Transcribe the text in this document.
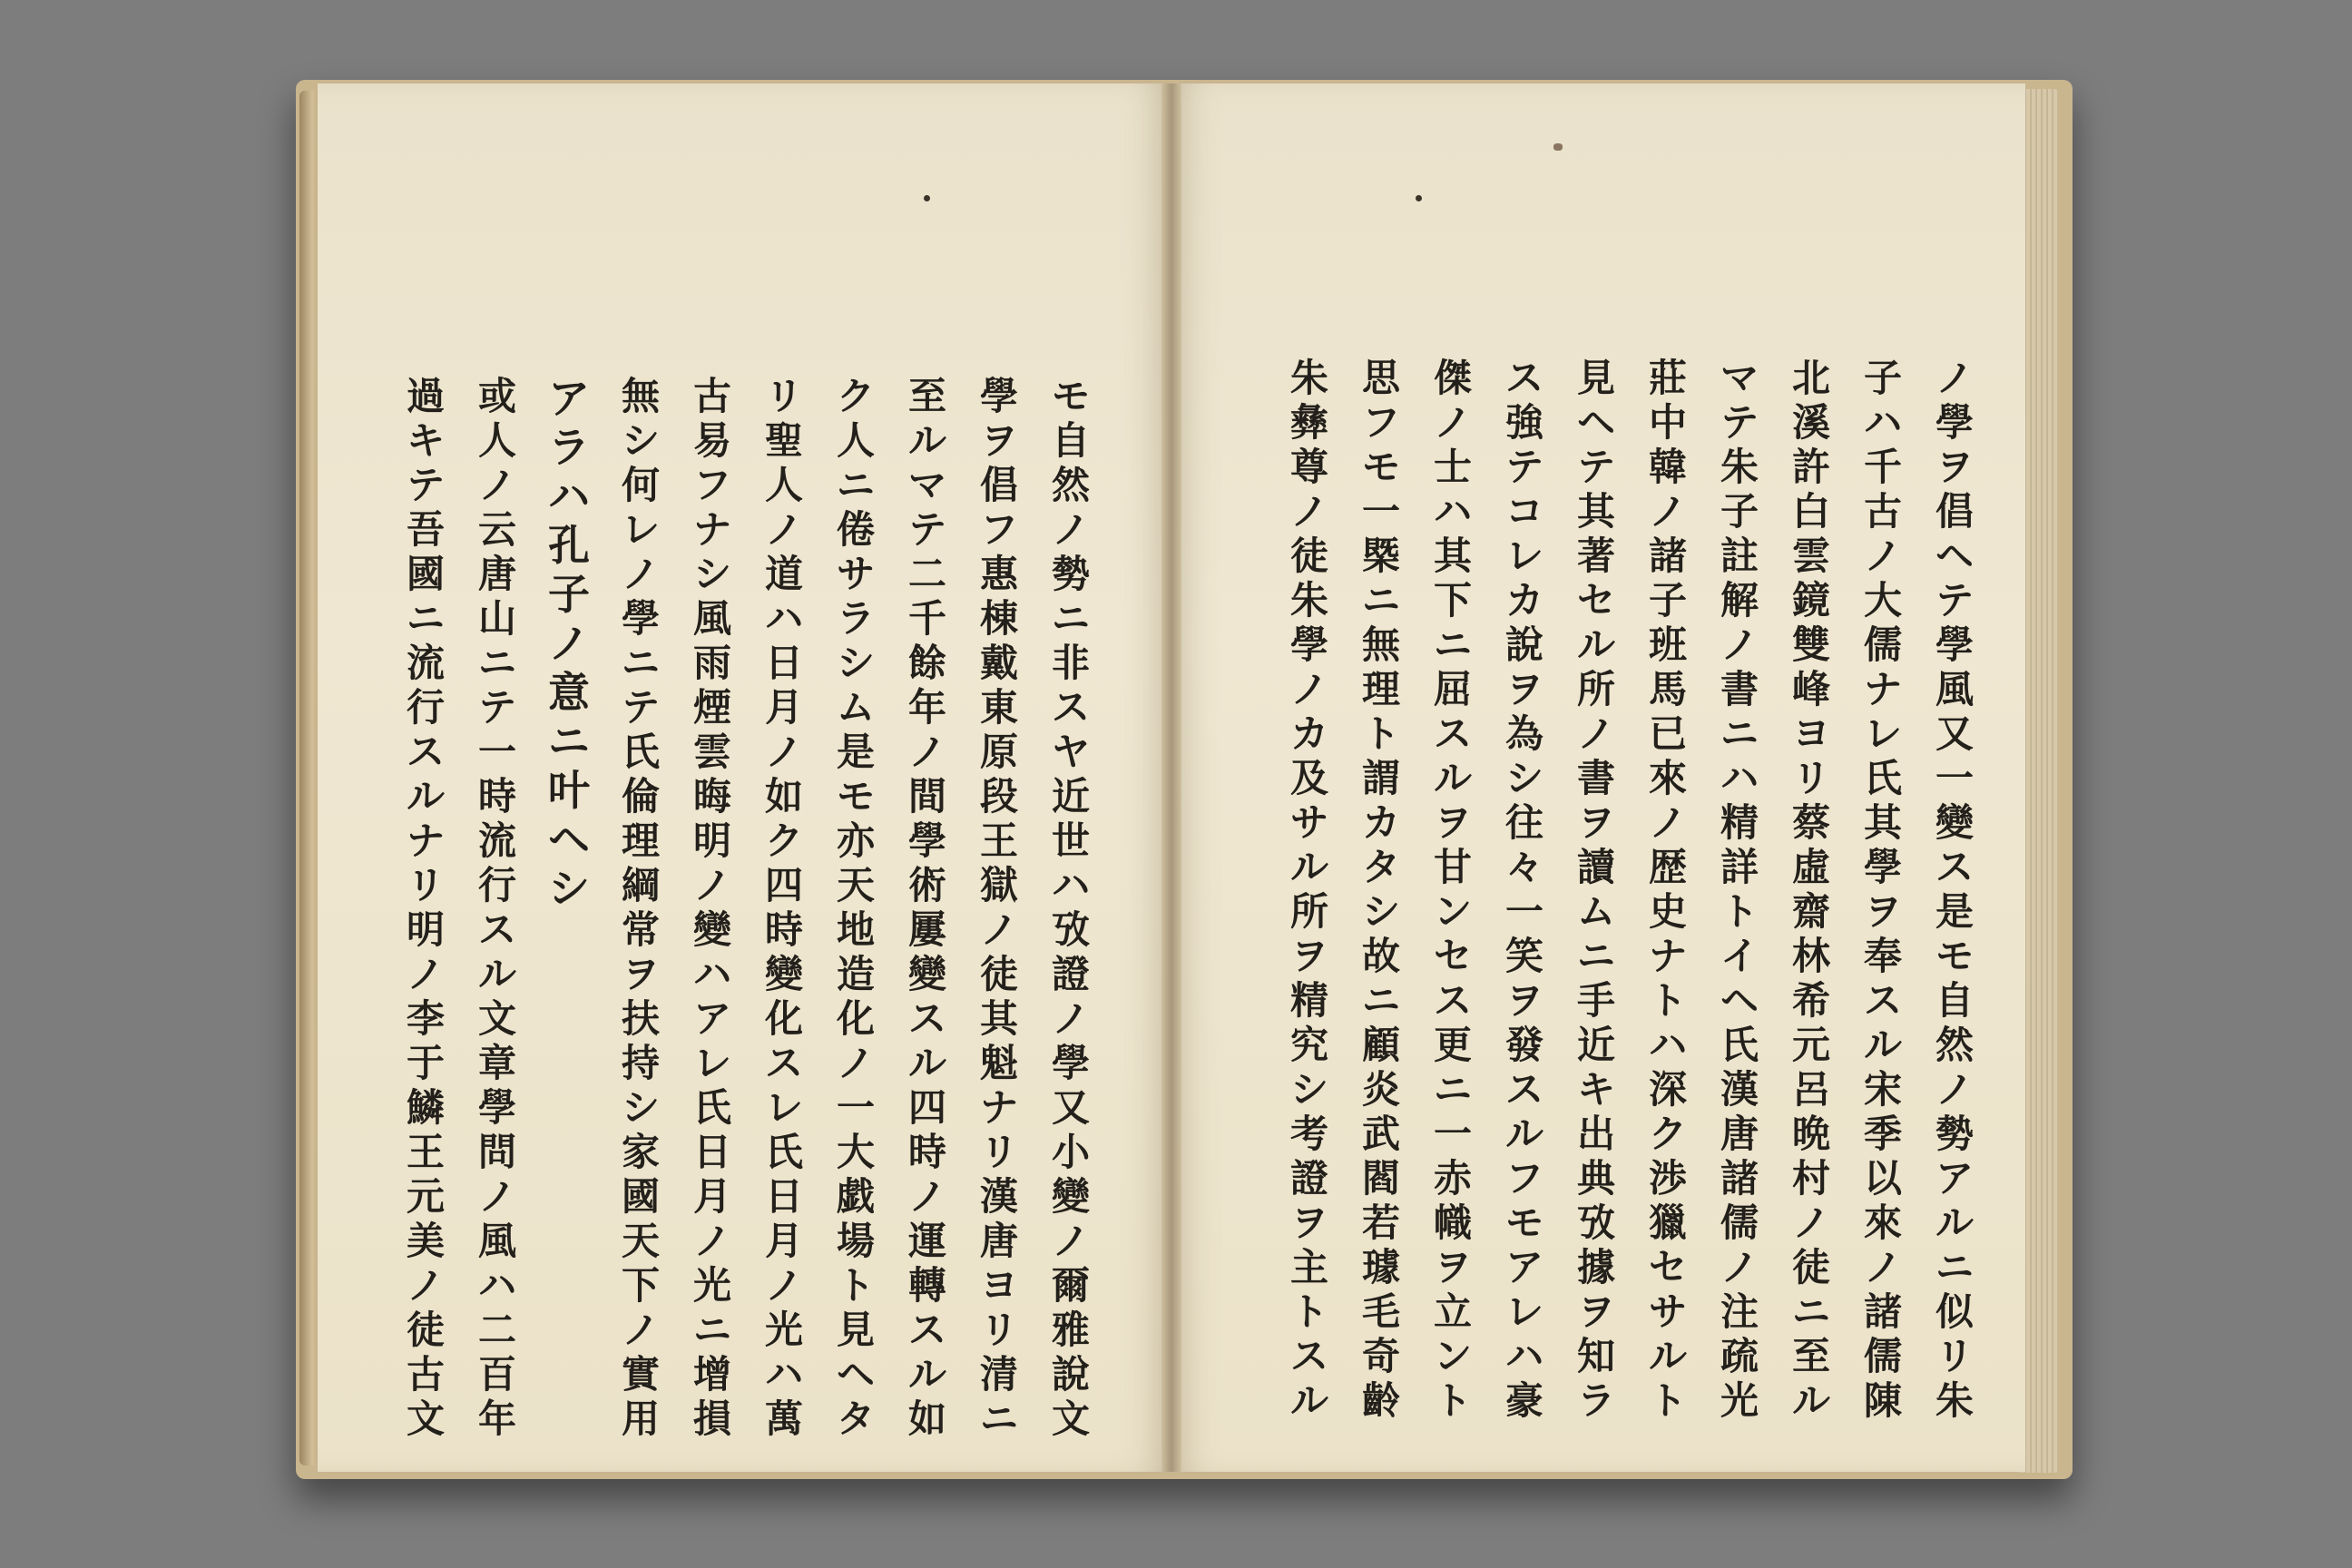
モ
自
然
ノ
勢
ニ
非
ス
ヤ
近
世
ハ
攷
證
ノ
學
又
小
變
ノ
爾
雅
說
文
學
ヲ
倡
フ
惠
棟
戴
東
原
段
王
獄
ノ
徒
其
魁
ナ
リ
漢
唐
ヨ
リ
清
ニ
至
ル
マ
テ
二
千
餘
年
ノ
間
學
術
屢
變
ス
ル
四
時
ノ
運
轉
ス
ル
如
ク
人
ニ
倦
サ
ラ
シ
ム
是
モ
亦
天
地
造
化
ノ
一
大
戯
場
ト
見
ヘ
タ
リ
聖
人
ノ
道
ハ
日
月
ノ
如
ク
四
時
變
化
ス
レ
氏
日
月
ノ
光
ハ
萬
古
易
フ
ナ
シ
風
雨
煙
雲
晦
明
ノ
變
ハ
ア
レ
氏
日
月
ノ
光
ニ
增
損
無
シ
何
レ
ノ
學
ニ
テ
氏
倫
理
綱
常
ヲ
扶
持
シ
家
國
天
下
ノ
實
用
ア
ラ
ハ
孔
子
ノ
意
ニ
叶
ヘ
シ
或
人
ノ
云
唐
山
ニ
テ
一
時
流
行
ス
ル
文
章
學
問
ノ
風
ハ
二
百
年
過
キ
テ
吾
國
ニ
流
行
ス
ル
ナ
リ
明
ノ
李
于
鱗
王
元
美
ノ
徒
古
文
ノ
學
ヲ
倡
ヘ
テ
學
風
又
一
變
ス
是
モ
自
然
ノ
勢
ア
ル
ニ
似
リ
朱
子
ハ
千
古
ノ
大
儒
ナ
レ
氏
其
學
ヲ
奉
ス
ル
宋
季
以
來
ノ
諸
儒
陳
北
溪
許
白
雲
鏡
雙
峰
ヨ
リ
蔡
虛
齋
林
希
元
呂
晩
村
ノ
徒
ニ
至
ル
マ
テ
朱
子
註
解
ノ
書
ニ
ハ
精
詳
ト
イ
ヘ
氏
漢
唐
諸
儒
ノ
注
疏
光
莊
中
韓
ノ
諸
子
班
馬
已
來
ノ
歴
史
ナ
ト
ハ
深
ク
渉
獵
セ
サ
ル
ト
見
ヘ
テ
其
著
セ
ル
所
ノ
書
ヲ
讀
ム
ニ
手
近
キ
出
典
攷
據
ヲ
知
ラ
ス
強
テ
コ
レ
カ
說
ヲ
為
シ
往
々
一
笑
ヲ
發
ス
ル
フ
モ
ア
レ
ハ
豪
傑
ノ
士
ハ
其
下
ニ
屈
ス
ル
ヲ
甘
ン
セ
ス
更
ニ
一
赤
幟
ヲ
立
ン
ト
思
フ
モ
一
槩
ニ
無
理
ト
謂
カ
タ
シ
故
ニ
顧
炎
武
閻
若
璩
毛
奇
齡
朱
彝
尊
ノ
徒
朱
學
ノ
カ
及
サ
ル
所
ヲ
精
究
シ
考
證
ヲ
主
ト
ス
ル
